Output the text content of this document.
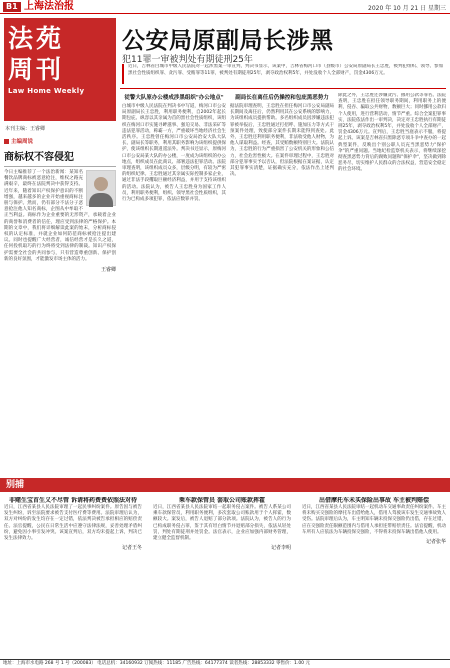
B1 上海法治报	2020 年 10 月 21 日 星期三
法苑
周刊
Law Home Weekly
本刊主编：王睿卿
公安局原副局长涉黑
犯11罪一审被判处有期徒刑25年
近日，吉林省白城市中级人民法院对一起涉黑案一审宣判，判决书显示，该案中，吉林省梅河口市（县级市）公安局原副局长王忠胜，被判犯组织、领导、参加黑社会性质组织罪、贪污罪、受贿罪等11罪，被判处有期徒刑25年，剥夺政治权利5年，并处没收个人全部财产，罚金4306万元。
主编周说
商标权不容侵犯
今日主编推荐了一个法治新闻：某知名餐饮品牌商标被恶意抢注，维权之路充满艰辛，最终在法院判决中获得支持。近年来，随着知识产权保护意识的不断增强，越来越多的企业开始重视商标注册与保护。然而，仍有部分不法分子恶意抢注他人知名商标，企图从中牟取不正当利益。商标作为企业重要的无形资产，承载着企业的商誉和消费者的信任，理应受到法律的严格保护。本期的文章中，我们将详细解读此案的始末，分析商标侵权的认定标准，并就企业如何防范商标被抢注提出建议。同时也提醒广大经营者，诚信经营才是长久之道，任何投机取巧的行为终将受到法律的制裁。知识产权保护需要全社会的共同参与，只有营造尊重创新、保护创新的良好氛围，才能激发市场主体的活力。
王睿卿
従警大队原办公楼成涉黑组织"办公地点"
白城市中级人民法院在判决书中写道，梅河口市公安局原副局长王忠胜，利用职务便利，自2002年起长期包庇、纵容以其亲属为首的黑社会性质组织，该组织在梅河口市实施寻衅滋事、强迫交易、非法采矿等违法犯罪活动，称霸一方，严重破坏当地经济社会生活秩序。王忠胜曾任梅河口市公安局治安大队大队长、副局长等职务，利用其职务影响为该组织提供保护，使该组织长期逍遥法外。判决书还显示，原梅河口市公安局某大队的办公楼，一度成为该组织的办公地点，组织成员在此商议、部署违法犯罪活动。法院审理查明，该组织成员众多，层级分明，有较为严密的组织纪律。王忠胜通过其亲属实际控制多家企业，通过非法手段攫取巨额经济利益，并用于支持该组织的活动。法院认为，被告人王忠胜身为国家工作人员，利用职务便利，组织、领导黑社会性质组织，其行为已构成多项犯罪，依法应数罪并罚。
副局长在离任后仍操控和包庇黑恶势力
据法院审理查明，王忠胜在担任梅河口市公安局副局长期间及离任后，仍然利用其在公安系统的影响力，为该组织成员提供帮助。多名组织成员因涉嫌违法犯罪被举报后，王忠胜通过打招呼、施加压力等方式干预案件处理，致使部分案件长期未能得到查处。此外，王忠胜还利用职务便利，非法收受他人财物，为他人谋取利益。经查，其受贿数额特别巨大。法院认为，王忠胜的行为严重损害了公安机关的形象和公信力，社会危害性极大。在案件审理过程中，王忠胜对部分犯罪事实予以否认，但法院根据在案证据，认定其犯罪事实清楚，证据确实充分，依法作出上述判决。
除此之外，王忠胜还涉嫌贪污、挪用公款等罪名。法院查明，王忠胜在担任领导职务期间，利用职务上的便利，侵吞、骗取公共财物，数额巨大；同时挪用公款归个人使用，进行营利活动，情节严重。综合全案犯罪事实，法院依法作出一审判决，决定对王忠胜执行有期徒刑25年，剥夺政治权利5年，并处没收个人全部财产，罚金4306万元。宣判后，王忠胜当庭表示不服，将提起上诉。该案是吉林省扫黑除恶专项斗争中查办的一起典型案件，反映出个别公职人员充当黑恶势力"保护伞"的严重问题。当地纪检监察机关表示，将继续深挖彻查黑恶势力背后的腐败问题和"保护伞"，坚决做到除恶务尽，切实维护人民群众的合法权益，营造安全稳定的社会环境。
别捕
非赌生宝首生义不尽管 诉请将药费费依照法对待
近日，江西省某县人民法院审理了一起民事纠纷案件。原告因与被告发生纠纷，诉至法院要求被告支付医疗费等费用。法院审理后认为，双方对纠纷的发生均存在一定过错，依法判决被告承担相应的赔偿责任。法官提醒，公民在日常生活中应遵守法律法规，妥善处理矛盾纠纷，避免因小事引发冲突。该案宣判后，双方均未提起上诉，判决已发生法律效力。
记者王冬
乘车款保管员 套取公司账款挥霍
近日，江西省某县人民法院审结一起职务侵占案件。被告人系某公司乘车款保管员，利用职务便利，多次套取公司账款用于个人挥霍，数额较大。案发后，被告人退赔了部分款项。法院认为，被告人的行为已构成职务侵占罪，鉴于其有坦白情节并退赔部分损失，依法从轻处罚，判处有期徒刑并处罚金。法官表示，企业应加强内部财务管理，建立健全监督机制。
记者李明
出借摩托车未买保险出事故 车主被判赔偿
近日，江西省某县人民法院审结一起机动车交通事故责任纠纷案件。车主将未购买交强险的摩托车出借给他人，借用人驾驶该车发生交通事故致人受伤。法院审理后认为，车主明知车辆未投保交强险仍出借，存在过错，应在交强险责任限额范围内与借用人承担连带赔偿责任。法官提醒，机动车所有人应依法为车辆投保交强险，不得将未投保车辆出借他人使用。
记者张华
地址：上海市水电路 268 号 1 号（200083） 电话总机：34160932 订阅热线：11185 广告热线：64177374 读者热线：28853332 零售价：1.00 元
